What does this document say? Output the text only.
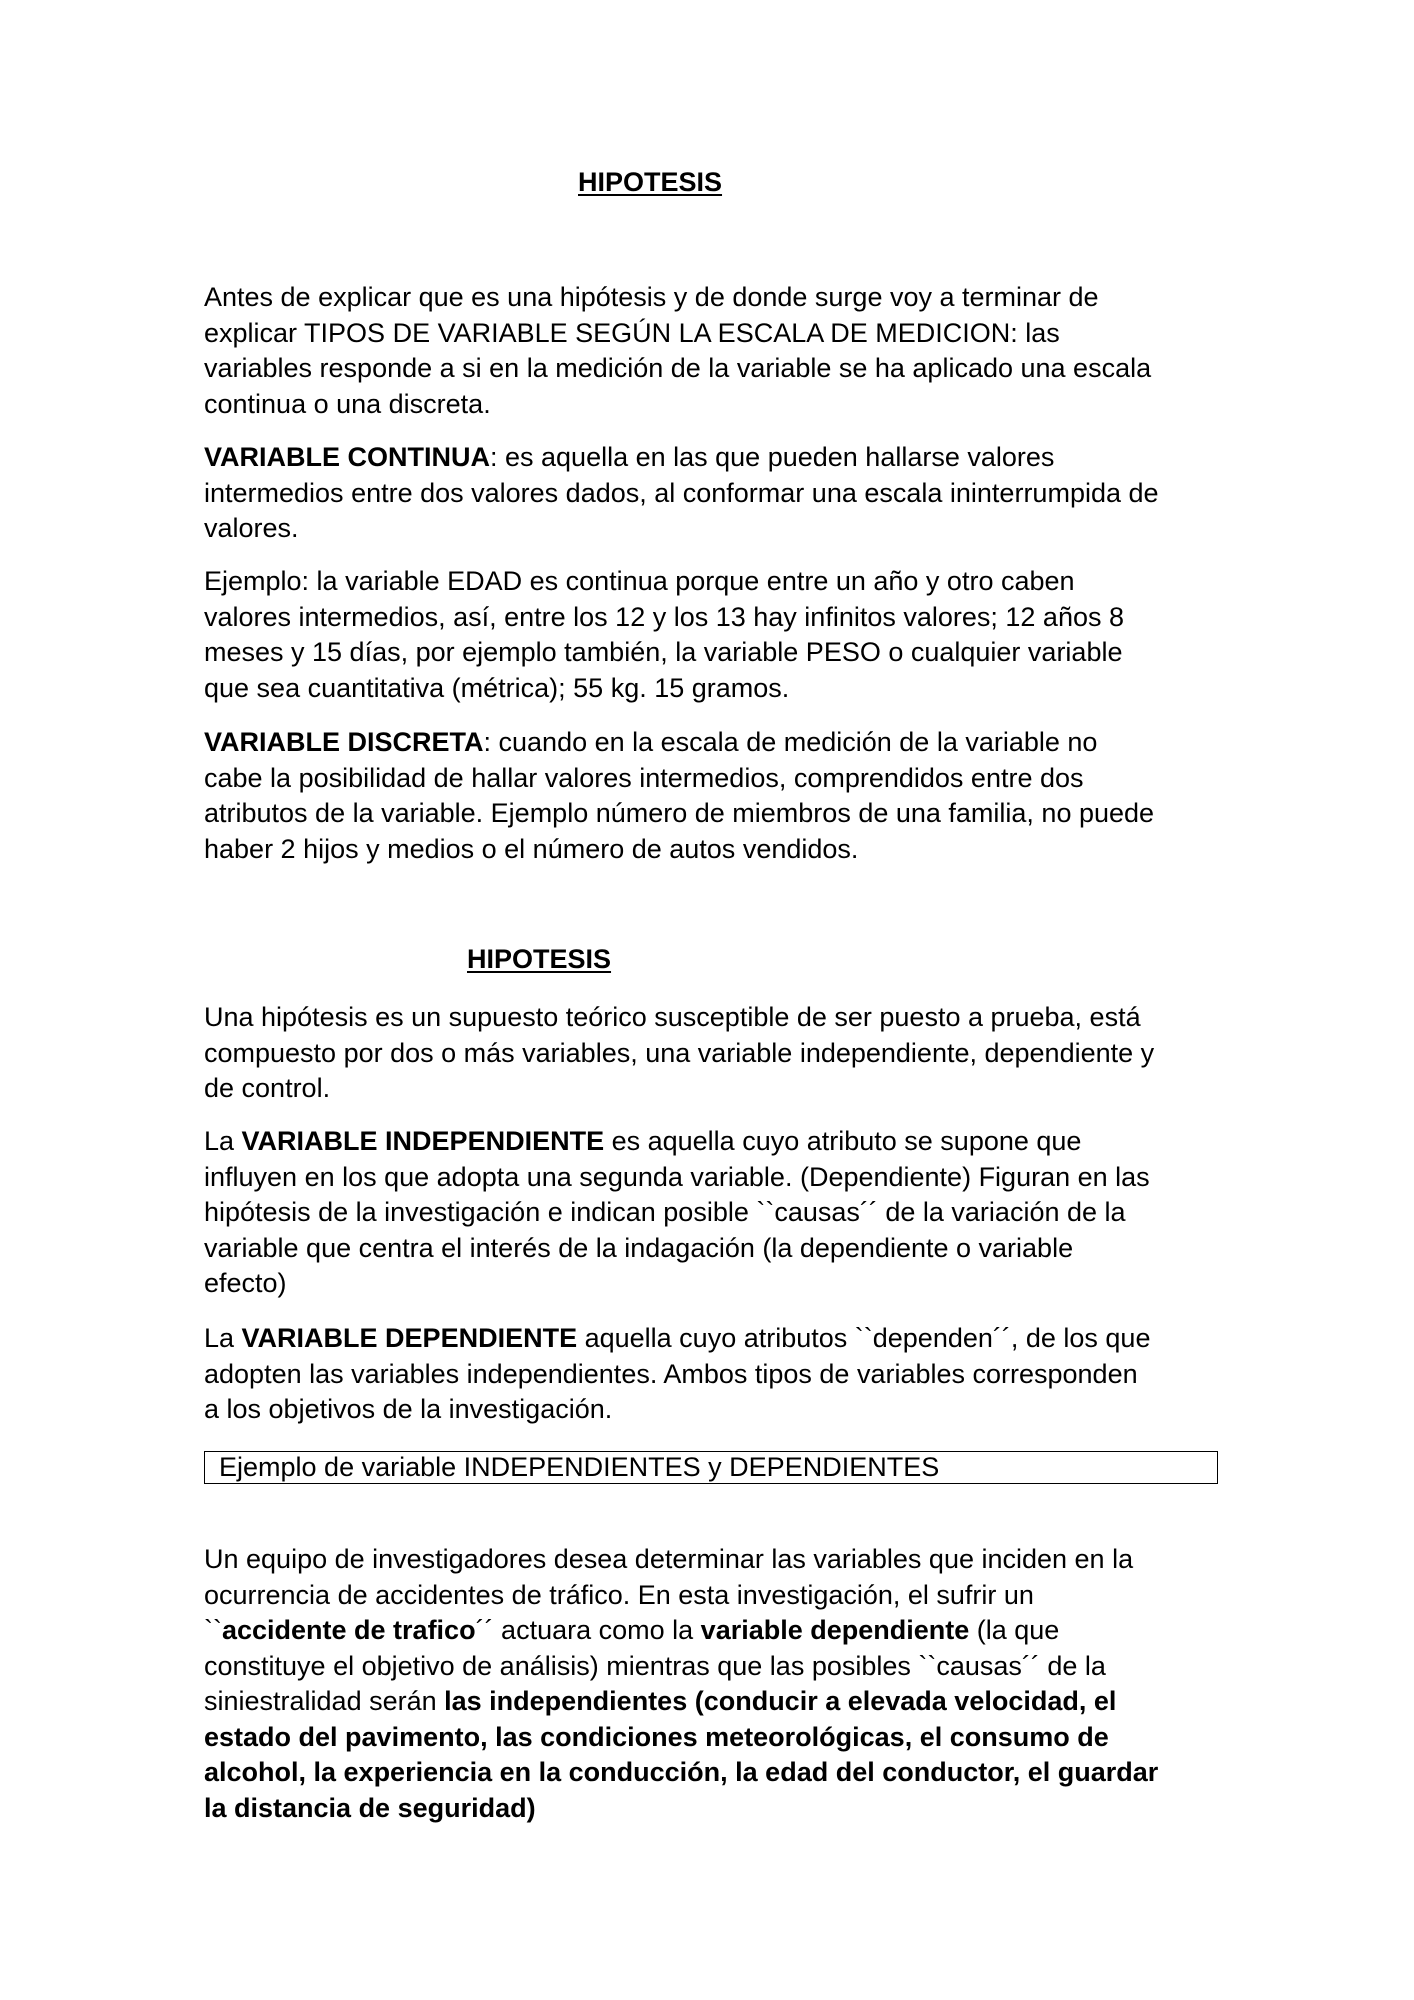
HIPOTESIS

Antes de explicar que es una hipótesis y de donde surge voy a terminar de
explicar TIPOS DE VARIABLE SEGÚN LA ESCALA DE MEDICION: las
variables responde a si en la medición de la variable se ha aplicado una escala
continua o una discreta.

VARIABLE CONTINUA: es aquella en las que pueden hallarse valores
intermedios entre dos valores dados, al conformar una escala ininterrumpida de
valores.

Ejemplo: la variable EDAD es continua porque entre un año y otro caben
valores intermedios, así, entre los 12 y los 13 hay infinitos valores; 12 años 8
meses y 15 días, por ejemplo también, la variable PESO o cualquier variable
que sea cuantitativa (métrica); 55 kg. 15 gramos.

VARIABLE DISCRETA: cuando en la escala de medición de la variable no
cabe la posibilidad de hallar valores intermedios, comprendidos entre dos
atributos de la variable. Ejemplo número de miembros de una familia, no puede
haber 2 hijos y medios o el número de autos vendidos.

HIPOTESIS

Una hipótesis es un supuesto teórico susceptible de ser puesto a prueba, está
compuesto por dos o más variables, una variable independiente, dependiente y
de control.

La VARIABLE INDEPENDIENTE es aquella cuyo atributo se supone que
influyen en los que adopta una segunda variable. (Dependiente) Figuran en las
hipótesis de la investigación e indican posible ``causas´´ de la variación de la
variable que centra el interés de la indagación (la dependiente o variable
efecto)

La VARIABLE DEPENDIENTE aquella cuyo atributos ``dependen´´, de los que
adopten las variables independientes. Ambos tipos de variables corresponden
a los objetivos de la investigación.

Ejemplo de variable INDEPENDIENTES y DEPENDIENTES

Un equipo de investigadores desea determinar las variables que inciden en la
ocurrencia de accidentes de tráfico. En esta investigación, el sufrir un
``accidente de trafico´´ actuara como la variable dependiente (la que
constituye el objetivo de análisis) mientras que las posibles ``causas´´ de la
siniestralidad serán las independientes (conducir a elevada velocidad, el
estado del pavimento, las condiciones meteorológicas, el consumo de
alcohol, la experiencia en la conducción, la edad del conductor, el guardar
la distancia de seguridad)
